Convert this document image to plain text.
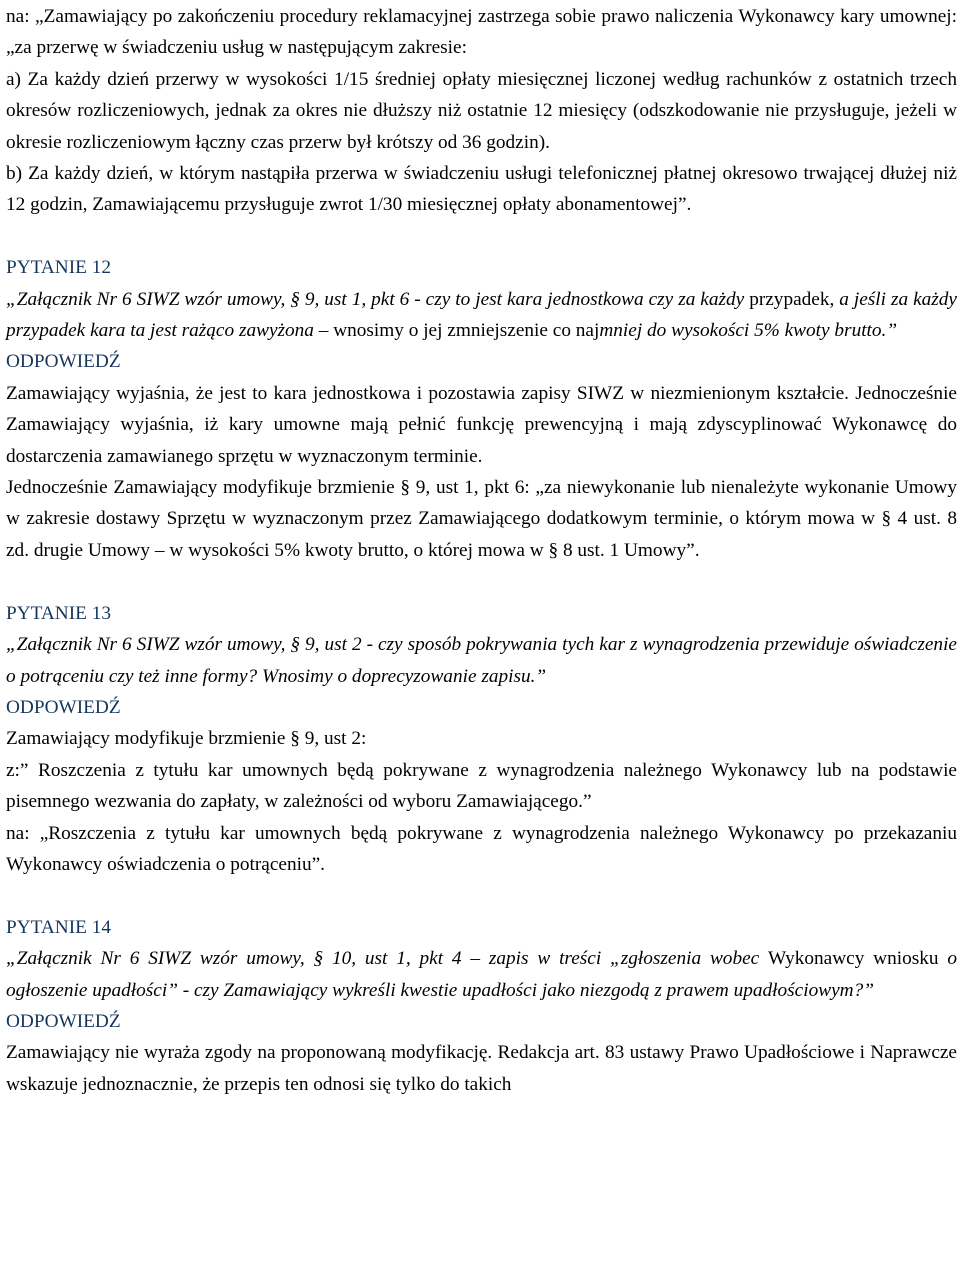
na: „Zamawiający po zakończeniu procedury reklamacyjnej zastrzega sobie prawo naliczenia Wykonawcy kary umownej: „za przerwę w świadczeniu usług w następującym zakresie:

a) Za każdy dzień przerwy w wysokości 1/15 średniej opłaty miesięcznej liczonej według rachunków z ostatnich trzech okresów rozliczeniowych, jednak za okres nie dłuższy niż ostatnie 12 miesięcy (odszkodowanie nie przysługuje, jeżeli w okresie rozliczeniowym łączny czas przerw był krótszy od 36 godzin).

b) Za każdy dzień, w którym nastąpiła przerwa w świadczeniu usługi telefonicznej płatnej okresowo trwającej dłużej niż 12 godzin, Zamawiającemu przysługuje zwrot 1/30 miesięcznej opłaty abonamentowej”.

PYTANIE 12

„Załącznik Nr 6 SIWZ wzór umowy, § 9, ust 1, pkt 6 - czy to jest kara jednostkowa czy za każdy przypadek, a jeśli za każdy przypadek kara ta jest rażąco zawyżona – wnosimy o jej zmniejszenie co najmniej do wysokości 5% kwoty brutto.”

ODPOWIEDŹ

Zamawiający wyjaśnia, że jest to kara jednostkowa i pozostawia zapisy SIWZ w niezmienionym kształcie. Jednocześnie Zamawiający wyjaśnia, iż kary umowne mają pełnić funkcję prewencyjną i mają zdyscyplinować Wykonawcę do dostarczenia zamawianego sprzętu w wyznaczonym terminie.

Jednocześnie Zamawiający modyfikuje brzmienie § 9, ust 1, pkt 6: „za niewykonanie lub nienależyte wykonanie Umowy w zakresie dostawy Sprzętu w wyznaczonym przez Zamawiającego dodatkowym terminie, o którym mowa w § 4 ust. 8 zd. drugie Umowy – w wysokości 5% kwoty brutto, o której mowa w § 8 ust. 1 Umowy”.

PYTANIE 13

„Załącznik Nr 6 SIWZ wzór umowy, § 9, ust 2 - czy sposób pokrywania tych kar z wynagrodzenia przewiduje oświadczenie o potrąceniu czy też inne formy? Wnosimy o doprecyzowanie zapisu.”

ODPOWIEDŹ

Zamawiający modyfikuje brzmienie § 9, ust 2:

z:” Roszczenia z tytułu kar umownych będą pokrywane z wynagrodzenia należnego Wykonawcy lub na podstawie pisemnego wezwania do zapłaty, w zależności od wyboru Zamawiającego.”

na: „Roszczenia z tytułu kar umownych będą pokrywane z wynagrodzenia należnego Wykonawcy po przekazaniu Wykonawcy oświadczenia o potrąceniu”.

PYTANIE 14

„Załącznik Nr 6 SIWZ wzór umowy, § 10, ust 1, pkt 4 – zapis w treści „zgłoszenia wobec Wykonawcy wniosku o ogłoszenie upadłości” - czy Zamawiający wykreśli kwestie upadłości jako niezgodą z prawem upadłościowym?”

ODPOWIEDŹ

Zamawiający nie wyraża zgody na proponowaną modyfikację. Redakcja art. 83 ustawy Prawo Upadłościowe i Naprawcze wskazuje jednoznacznie, że przepis ten odnosi się tylko do takich
